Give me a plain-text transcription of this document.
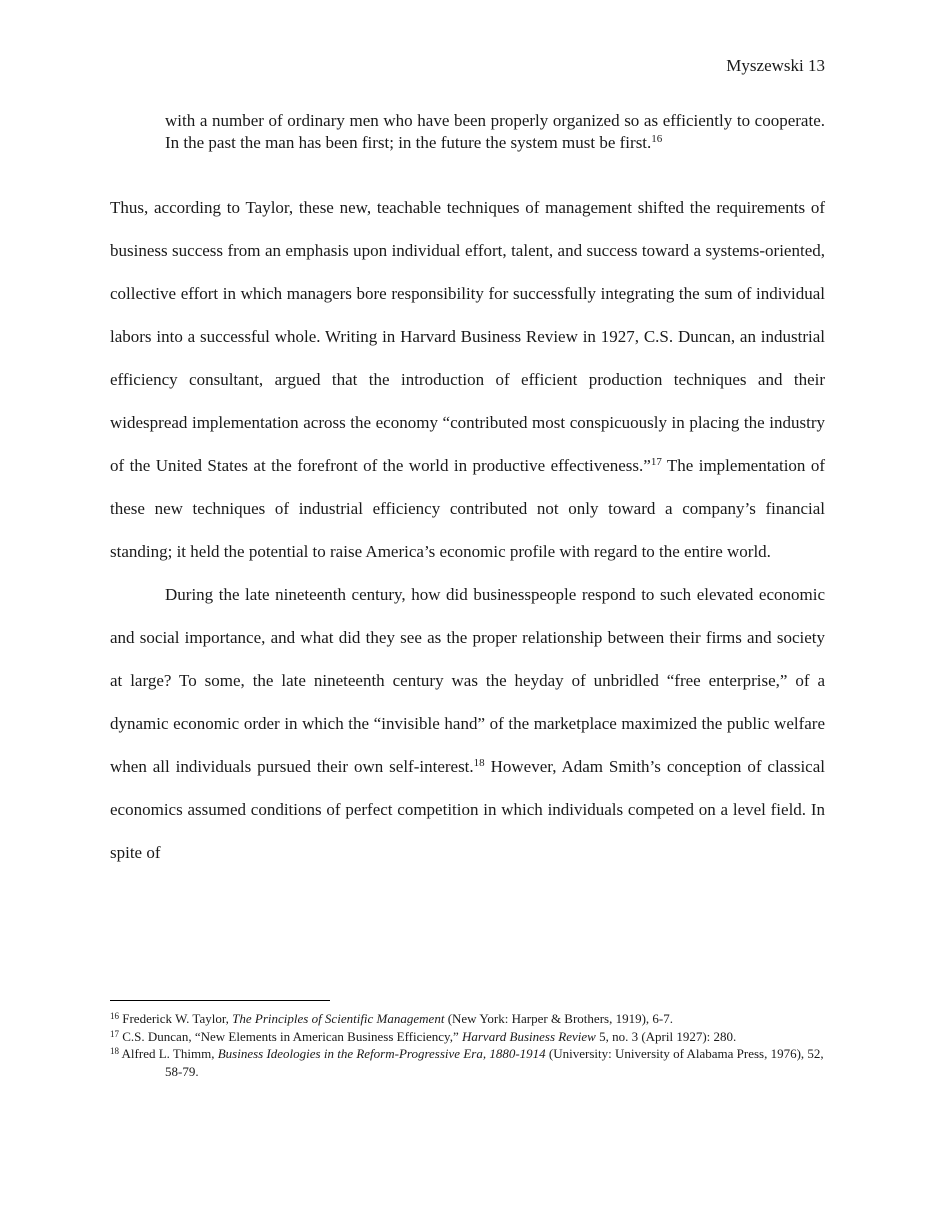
Myszewski 13
with a number of ordinary men who have been properly organized so as efficiently to cooperate. In the past the man has been first; in the future the system must be first.$^{16}$

Thus, according to Taylor, these new, teachable techniques of management shifted the requirements of business success from an emphasis upon individual effort, talent, and success toward a systems-oriented, collective effort in which managers bore responsibility for successfully integrating the sum of individual labors into a successful whole. Writing in Harvard Business Review in 1927, C.S. Duncan, an industrial efficiency consultant, argued that the introduction of efficient production techniques and their widespread implementation across the economy “contributed most conspicuously in placing the industry of the United States at the forefront of the world in productive effectiveness.”$^{17}$ The implementation of these new techniques of industrial efficiency contributed not only toward a company’s financial standing; it held the potential to raise America’s economic profile with regard to the entire world.

During the late nineteenth century, how did businesspeople respond to such elevated economic and social importance, and what did they see as the proper relationship between their firms and society at large? To some, the late nineteenth century was the heyday of unbridled “free enterprise,” of a dynamic economic order in which the “invisible hand” of the marketplace maximized the public welfare when all individuals pursued their own self-interest.$^{18}$ However, Adam Smith’s conception of classical economics assumed conditions of perfect competition in which individuals competed on a level field. In spite of

$^{16}$ Frederick W. Taylor, The Principles of Scientific Management (New York: Harper & Brothers, 1919), 6-7.

$^{17}$ C.S. Duncan, “New Elements in American Business Efficiency,” Harvard Business Review 5, no. 3 (April 1927): 280.

$^{18}$ Alfred L. Thimm, Business Ideologies in the Reform-Progressive Era, 1880-1914 (University: University of Alabama Press, 1976), 52, 58-79.
